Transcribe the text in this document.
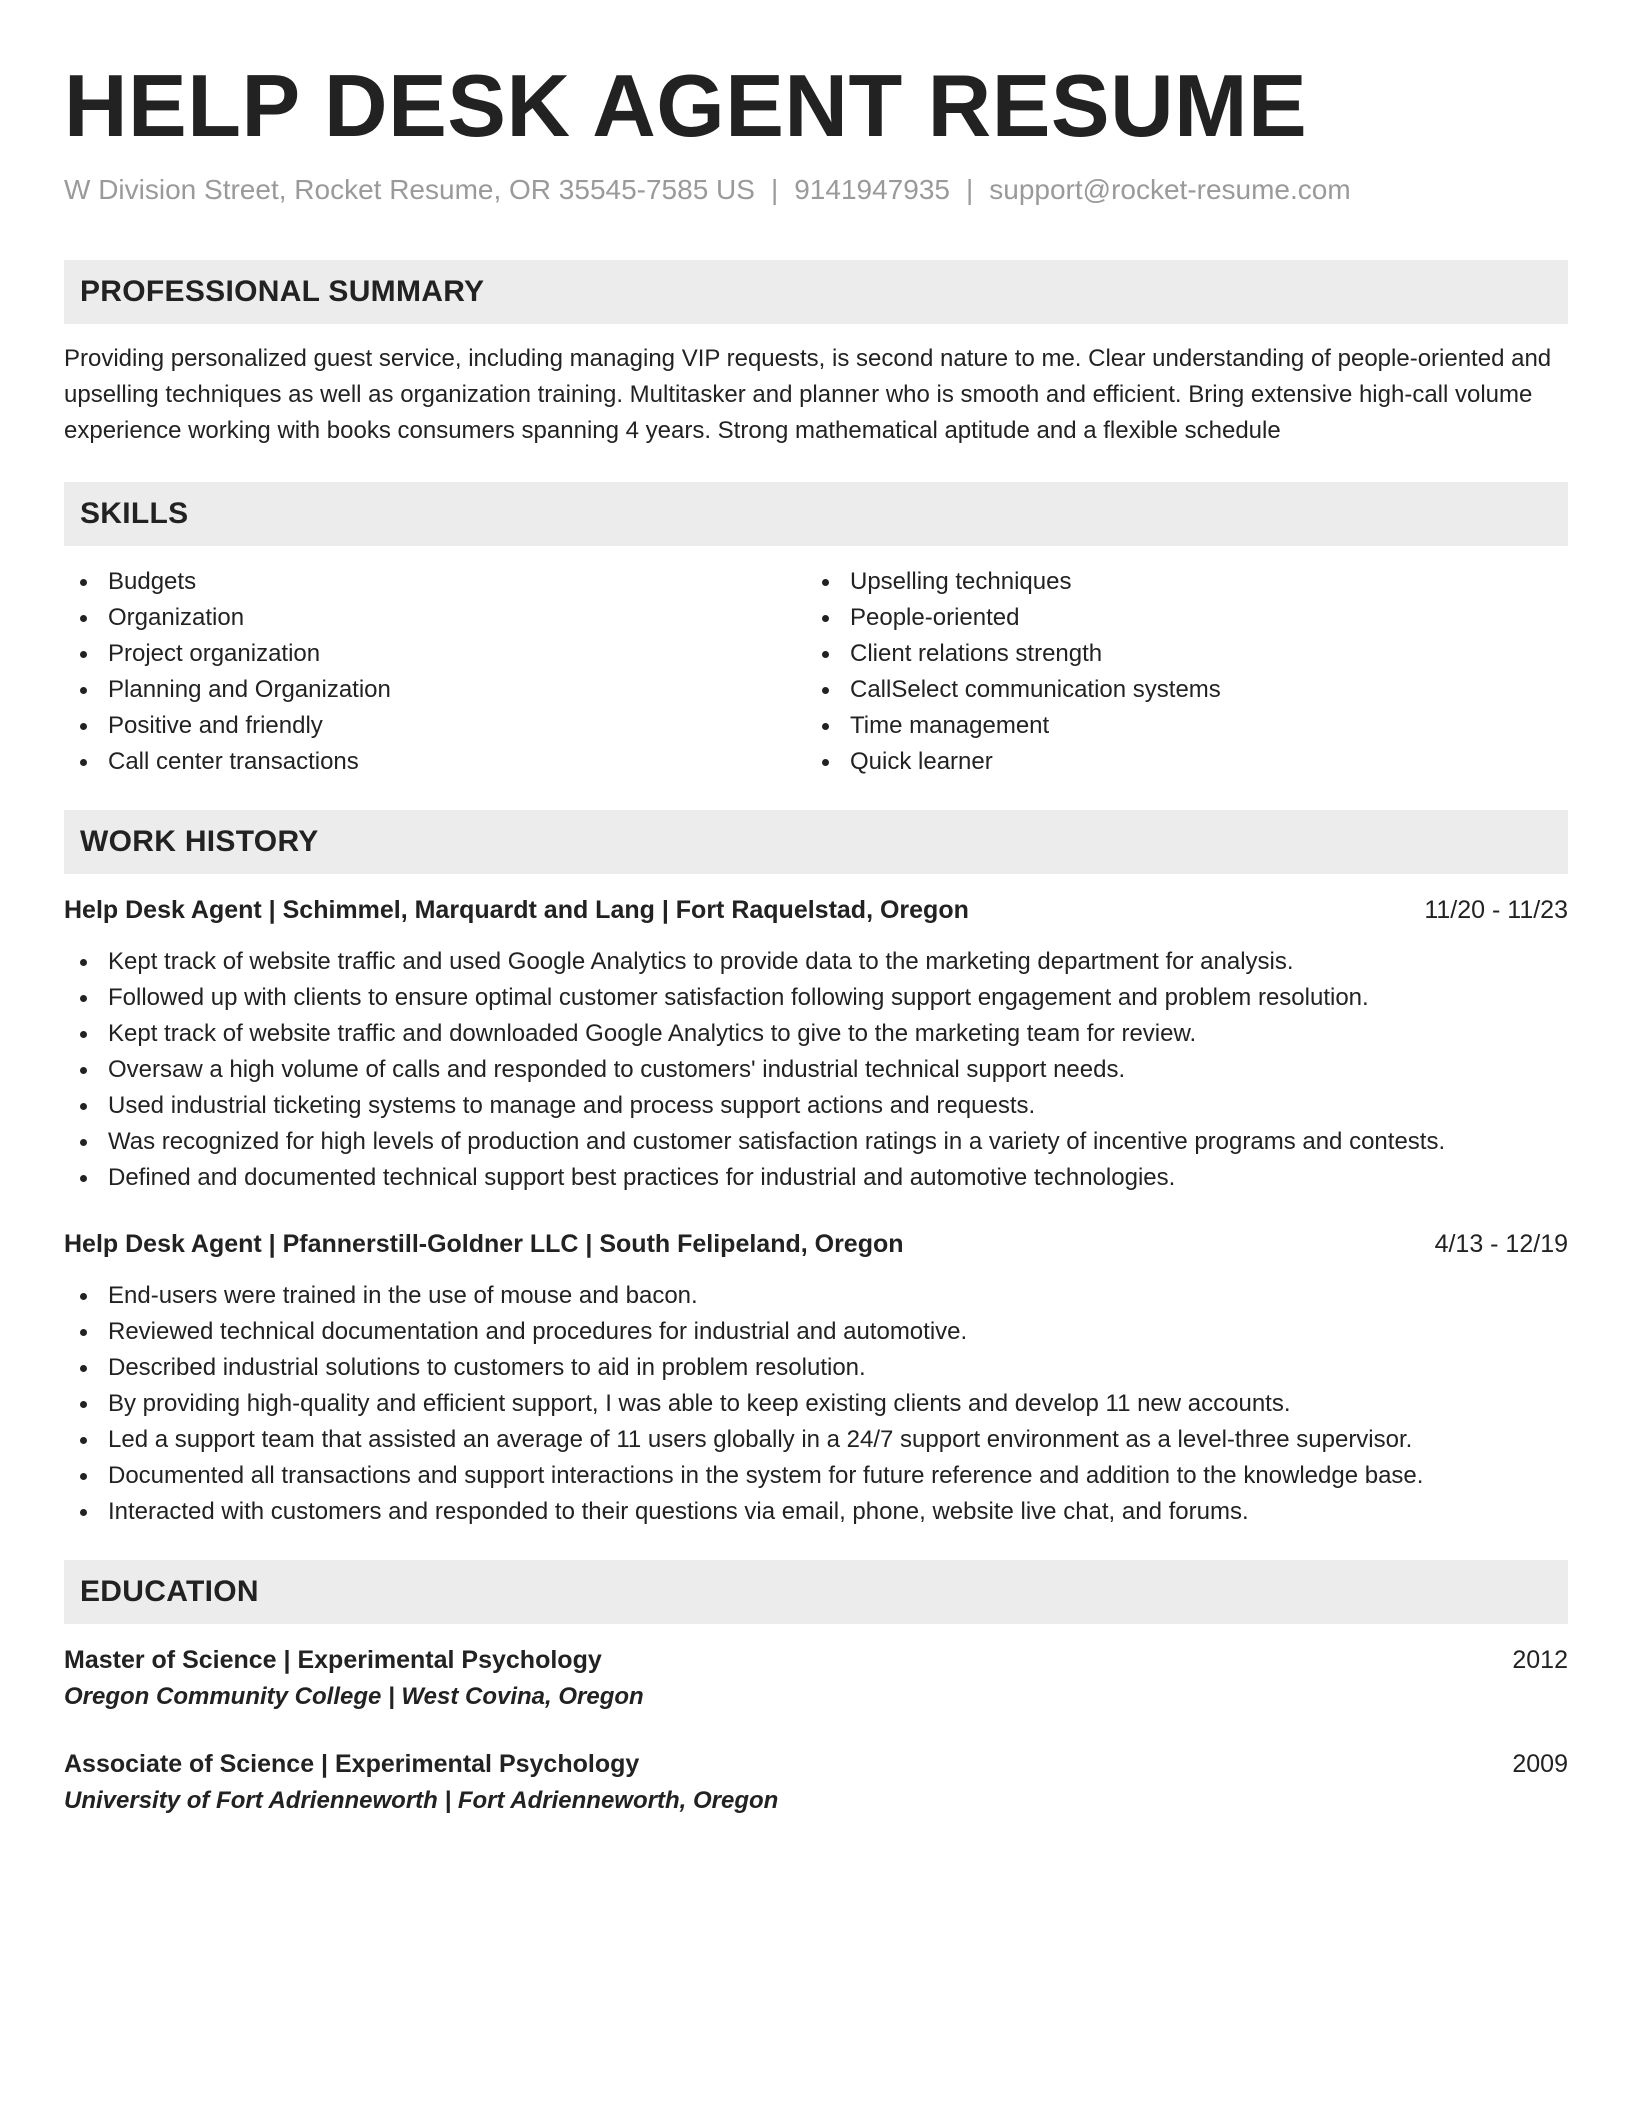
HELP DESK AGENT RESUME
W Division Street, Rocket Resume, OR 35545-7585 US | 9141947935 | support@rocket-resume.com
PROFESSIONAL SUMMARY
Providing personalized guest service, including managing VIP requests, is second nature to me. Clear understanding of people-oriented and upselling techniques as well as organization training. Multitasker and planner who is smooth and efficient. Bring extensive high-call volume experience working with books consumers spanning 4 years. Strong mathematical aptitude and a flexible schedule
SKILLS
Budgets
Organization
Project organization
Planning and Organization
Positive and friendly
Call center transactions
Upselling techniques
People-oriented
Client relations strength
CallSelect communication systems
Time management
Quick learner
WORK HISTORY
Help Desk Agent | Schimmel, Marquardt and Lang | Fort Raquelstad, Oregon	11/20 - 11/23
Kept track of website traffic and used Google Analytics to provide data to the marketing department for analysis.
Followed up with clients to ensure optimal customer satisfaction following support engagement and problem resolution.
Kept track of website traffic and downloaded Google Analytics to give to the marketing team for review.
Oversaw a high volume of calls and responded to customers' industrial technical support needs.
Used industrial ticketing systems to manage and process support actions and requests.
Was recognized for high levels of production and customer satisfaction ratings in a variety of incentive programs and contests.
Defined and documented technical support best practices for industrial and automotive technologies.
Help Desk Agent | Pfannerstill-Goldner LLC | South Felipeland, Oregon	4/13 - 12/19
End-users were trained in the use of mouse and bacon.
Reviewed technical documentation and procedures for industrial and automotive.
Described industrial solutions to customers to aid in problem resolution.
By providing high-quality and efficient support, I was able to keep existing clients and develop 11 new accounts.
Led a support team that assisted an average of 11 users globally in a 24/7 support environment as a level-three supervisor.
Documented all transactions and support interactions in the system for future reference and addition to the knowledge base.
Interacted with customers and responded to their questions via email, phone, website live chat, and forums.
EDUCATION
Master of Science | Experimental Psychology	2012
Oregon Community College | West Covina, Oregon
Associate of Science | Experimental Psychology	2009
University of Fort Adrienneworth | Fort Adrienneworth, Oregon
